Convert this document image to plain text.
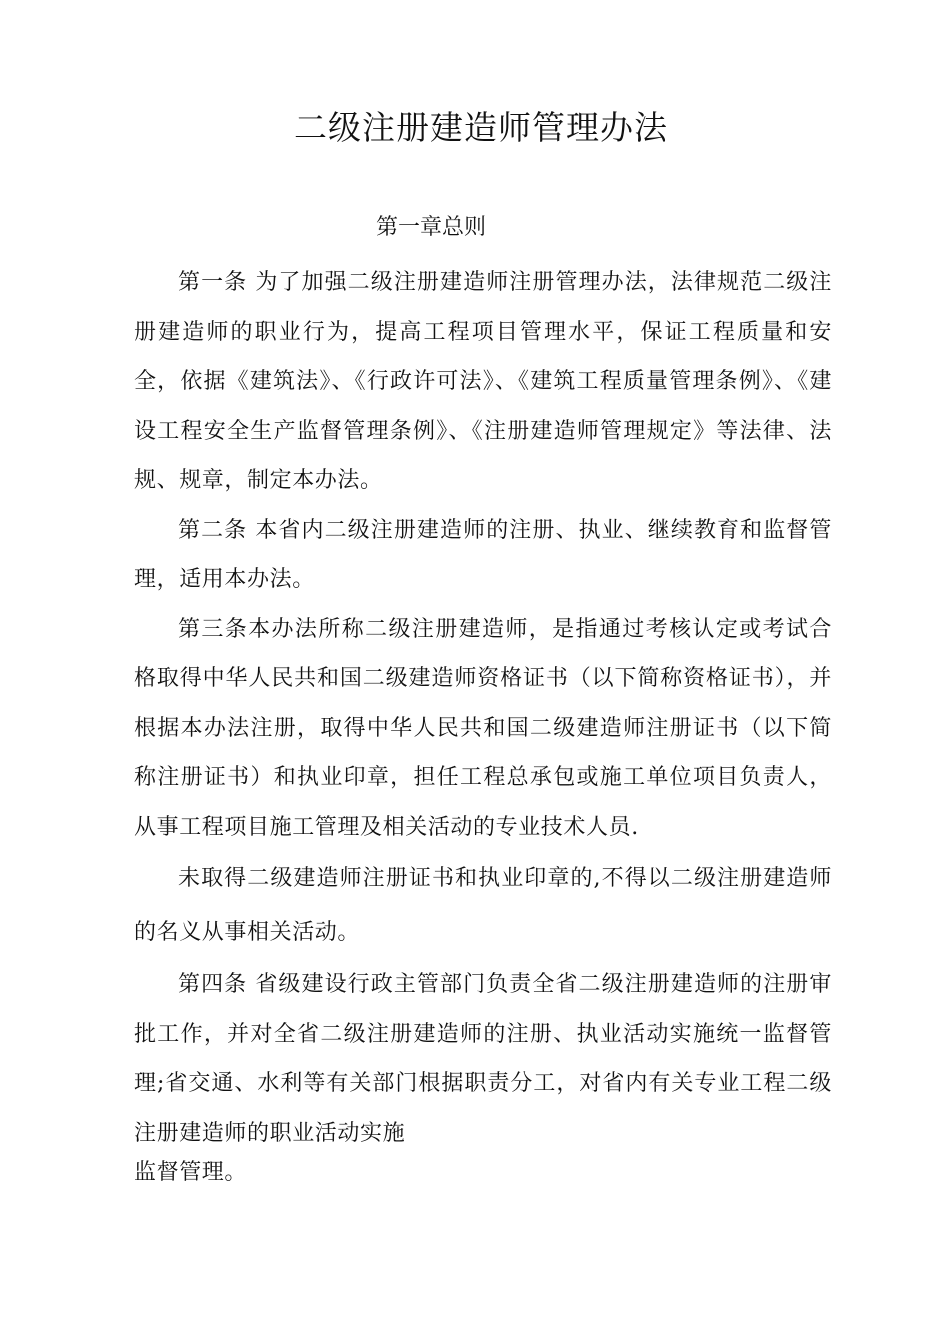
二级注册建造师管理办法
第一章总则

第一条 为了加强二级注册建造师注册管理办法，法律规范二级注册建造师的职业行为，提高工程项目管理水平，保证工程质量和安全，依据《建筑法》、《行政许可法》、《建筑工程质量管理条例》、《建设工程安全生产监督管理条例》、《注册建造师管理规定》等法律、法规、规章，制定本办法。

第二条 本省内二级注册建造师的注册、执业、继续教育和监督管理，适用本办法。

第三条本办法所称二级注册建造师，是指通过考核认定或考试合格取得中华人民共和国二级建造师资格证书（以下简称资格证书），并根据本办法注册，取得中华人民共和国二级建造师注册证书（以下简称注册证书）和执业印章，担任工程总承包或施工单位项目负责人，从事工程项目施工管理及相关活动的专业技术人员.

未取得二级建造师注册证书和执业印章的,不得以二级注册建造师的名义从事相关活动。

第四条 省级建设行政主管部门负责全省二级注册建造师的注册审批工作，并对全省二级注册建造师的注册、执业活动实施统一监督管理;省交通、水利等有关部门根据职责分工，对省内有关专业工程二级注册建造师的职业活动实施

监督管理。
